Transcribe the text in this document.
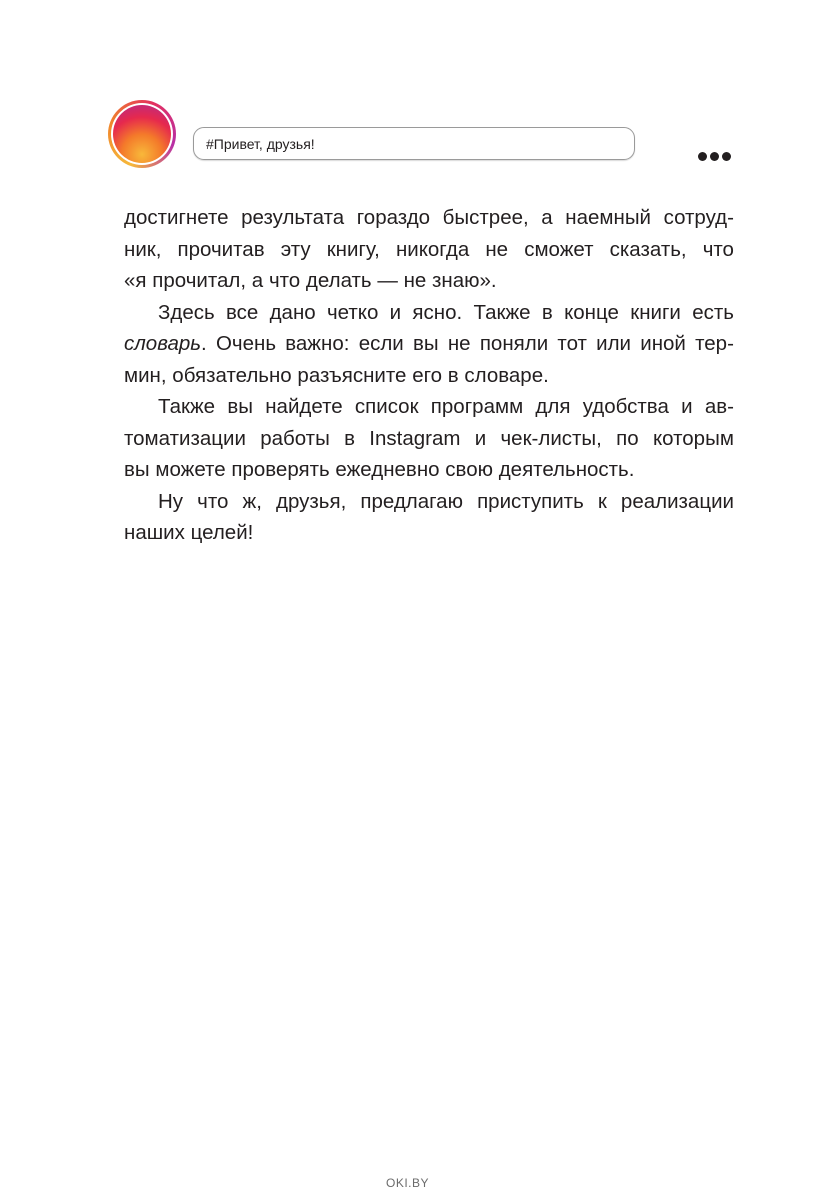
#Привет, друзья!
достигнете результата гораздо быстрее, а наемный сотруд-
ник, прочитав эту книгу, никогда не сможет сказать, что
«я прочитал, а что делать — не знаю».
Здесь все дано четко и ясно. Также в конце книги есть
словарь. Очень важно: если вы не поняли тот или иной тер-
мин, обязательно разъясните его в словаре.
Также вы найдете список программ для удобства и ав-
томатизации работы в Instagram и чек-листы, по которым
вы можете проверять ежедневно свою деятельность.
Ну что ж, друзья, предлагаю приступить к реализации
наших целей!
OKI.BY
